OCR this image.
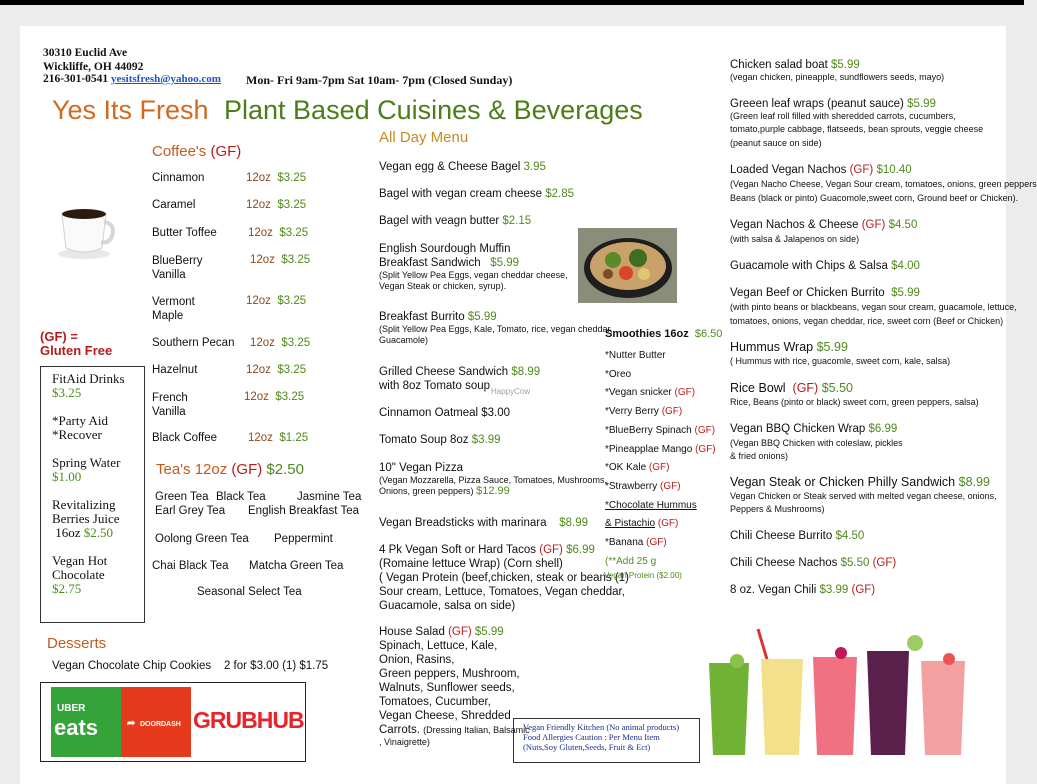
30310 Euclid Ave
Wickliffe, OH 44092
216-301-0541 yesitsfresh@yahoo.com Mon- Fri 9am-7pm Sat 10am- 7pm (Closed Sunday)
Yes Its Fresh Plant Based Cuisines & Beverages
Coffee's (GF)
Cinnamon	12oz $3.25
Caramel	12oz $3.25
Butter Toffee	12oz $3.25
BlueBerry Vanilla
12oz $3.25
Vermont Maple
12oz $3.25
Southern Pecan 12oz $3.25
Hazelnut	12oz $3.25
French Vanilla
12oz $3.25
Black Coffee	12oz $1.25
(GF) =
Gluten Free
FitAid Drinks
$3.25
*Party Aid
*Recover
Spring Water
$1.00
Revitalizing
Berries Juice
16oz $2.50
Vegan Hot
Chocolate
$2.75
Tea's 12oz (GF) $2.50
Green Tea Black Tea	Jasmine Tea
Earl Grey Tea English Breakfast Tea
Oolong Green Tea Peppermint
Chai Black Tea Matcha Green Tea
Seasonal Select Tea
Desserts
Vegan Chocolate Chip Cookies 2 for $3.00 (1) $1.75
UBER
eats	➦ DOORDASH GRUBHUB
All Day Menu
Vegan egg & Cheese Bagel 3.95
Bagel with vegan cream cheese $2.85
Bagel with veagn butter $2.15
English Sourdough Muffin
Breakfast Sandwich $5.99
(Split Yellow Pea Eggs, vegan cheddar cheese,
Vegan Steak or chicken, syrup).
Breakfast Burrito $5.99
(Split Yellow Pea Eggs, Kale, Tomato, rice, vegan cheddar,
Guacamole)
Grilled Cheese Sandwich $8.99
with 8oz Tomato soup HappyCow
Cinnamon Oatmeal $3.00
Tomato Soup 8oz $3.99
10" Vegan Pizza
(Vegan Mozzarella, Pizza Sauce, Tomatoes, Mushrooms,
Onions, green peppers) $12.99
Vegan Breadsticks with marinara $8.99
4 Pk Vegan Soft or Hard Tacos (GF) $6.99
(Romaine lettuce Wrap) (Corn shell)
( Vegan Protein (beef,chicken, steak or beans (1)
Sour cream, Lettuce, Tomatoes, Vegan cheddar,
Guacamole, salsa on side)
House Salad (GF) $5.99
Spinach, Lettuce, Kale,
Onion, Rasins,
Green peppers, Mushroom,
Walnuts, Sunflower seeds,
Tomatoes, Cucumber,
Vegan Cheese, Shredded
Carrots. (Dressing Italian, Balsamic
, Vinaigrette)
Smoothies 16oz $6.50
*Nutter Butter
*Oreo
*Vegan snicker (GF)
*Verry Berry (GF)
*BlueBerry Spinach (GF)
*Pineapplae Mango (GF)
*OK Kale (GF)
*Strawberry (GF)
*Chocolate Hummus & Pistachio (GF)
*Banana (GF)
(**Add 25 g
Vegan Protein ($2.00)
Vegan Friendly Kitchen (No animal products)
Food Allergies Caution : Per Menu Item
(Nuts,Soy Gluten,Seeds, Fruit & Ect)
Chicken salad boat $5.99
(vegan chicken, pineapple, sundflowers seeds, mayo)
Greeen leaf wraps (peanut sauce) $5.99
(Green leaf roll filled with sheredded carrots, cucumbers,
tomato,purple cabbage, flatseeds, bean sprouts, veggie cheese
(peanut sauce on side)
Loaded Vegan Nachos (GF) $10.40
(Vegan Nacho Cheese, Vegan Sour cream, tomatoes, onions, green peppers
Beans (black or pinto) Guacomole,sweet corn, Ground beef or Chicken).
Vegan Nachos & Cheese (GF) $4.50
(with salsa & Jalapenos on side)
Guacamole with Chips & Salsa $4.00
Vegan Beef or Chicken Burrito $5.99
(with pinto beans or blackbeans, vegan sour cream, guacamole, lettuce,
tomatoes, onions, vegan cheddar, rice, sweet corn (Beef or Chicken)
Hummus Wrap $5.99
( Hummus with rice, guacomle, sweet corn, kale, salsa)
Rice Bowl (GF) $5.50
Rice, Beans (pinto or black) sweet corn, green peppers, salsa)
Vegan BBQ Chicken Wrap $6.99
(Vegan BBQ Chicken with coleslaw, pickles
& fried onions)
Vegan Steak or Chicken Philly Sandwich $8.99
Vegan Chicken or Steak served with melted vegan cheese, onions,
Peppers & Mushrooms)
Chili Cheese Burrito $4.50
Chili Cheese Nachos $5.50 (GF)
8 oz. Vegan Chili $3.99 (GF)
